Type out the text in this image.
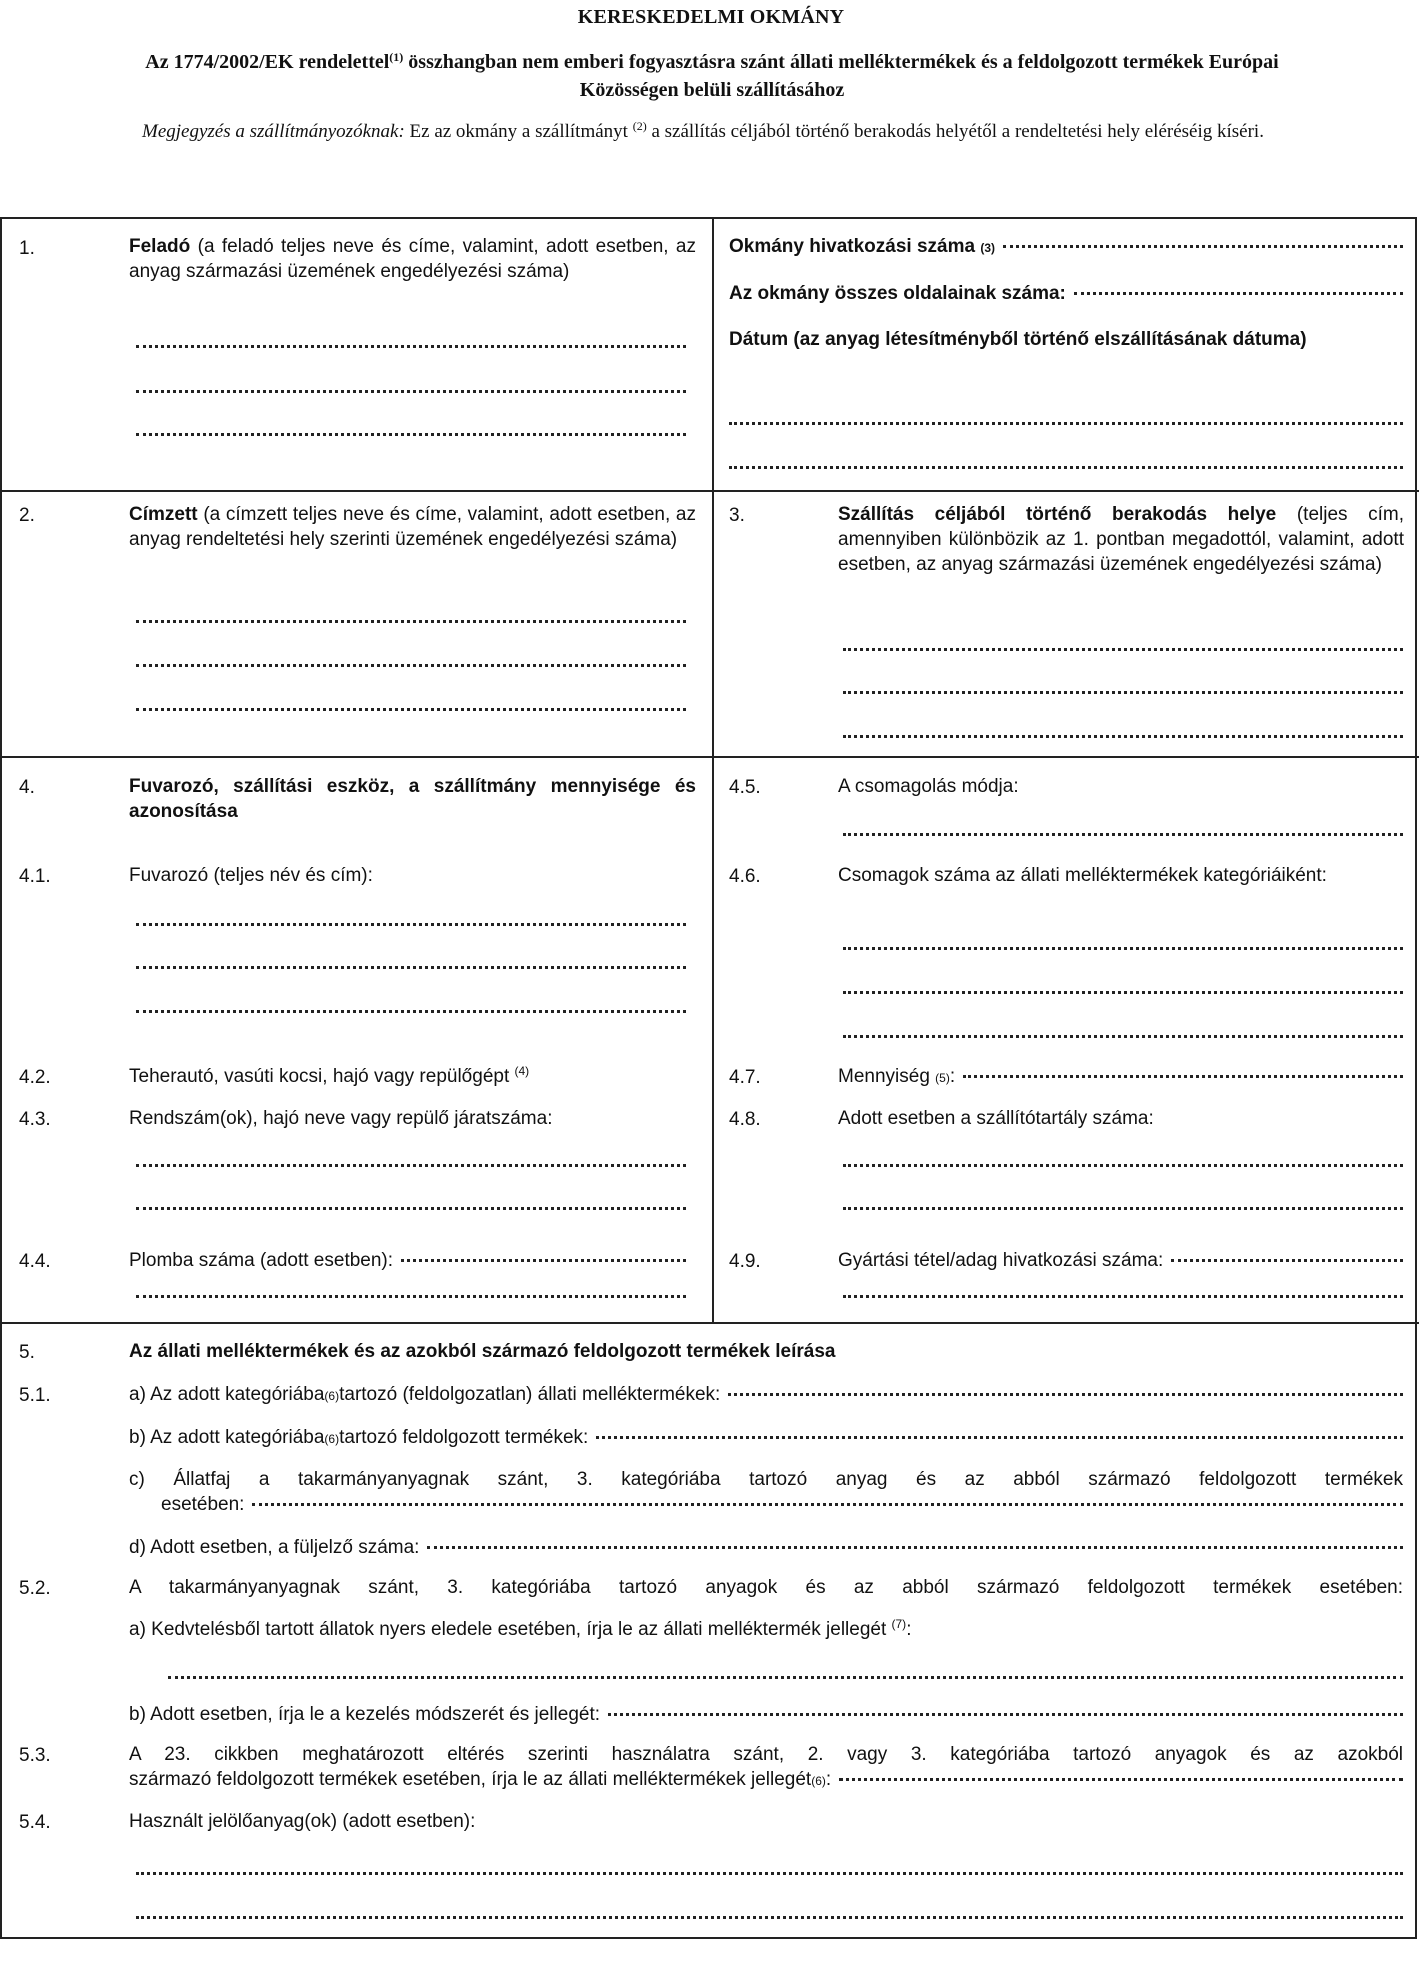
KERESKEDELMI OKMÁNY
Az 1774/2002/EK rendelettel$^{(1)}$ összhangban nem emberi fogyasztásra szánt állati melléktermékek és a feldolgozott termékek Európai Közösségen belüli szállításához
Megjegyzés a szállítmányozóknak: Ez az okmány a szállítmányt $^{(2)}$ a szállítás céljából történő berakodás helyétől a rendeltetési hely eléréséig kíséri.
1.	Feladó (a feladó teljes neve és címe, valamint, adott esetben, az anyag származási üzemének engedélyezési száma)
Okmány hivatkozási száma
(3)
Az okmány összes oldalainak száma:
Dátum (az anyag létesítményből történő elszállításának dátuma)
2.	Címzett (a címzett teljes neve és címe, valamint, adott esetben, az anyag rendeltetési hely szerinti üzemének engedélyezési száma)
3.	Szállítás céljából történő berakodás helye (teljes cím, amennyiben különbözik az 1. pontban megadottól, valamint, adott esetben, az anyag származási üzemének engedélyezési száma)
4.	Fuvarozó, szállítási eszköz, a szállítmány mennyisége és azonosítása
4.1.	Fuvarozó (teljes név és cím):
4.2.	Teherautó, vasúti kocsi, hajó vagy repülőgépt $^{(4)}$
4.3.	Rendszám(ok), hajó neve vagy repülő járatszáma:
4.4.	Plomba száma (adott esetben):
4.5.	A csomagolás módja:
4.6.	Csomagok száma az állati melléktermékek kategóriáiként:
4.7.	Mennyiség
(5) :
4.8.	Adott esetben a szállítótartály száma:
4.9.	Gyártási tétel/adag hivatkozási száma:
5.	Az állati melléktermékek és az azokból származó feldolgozott termékek leírása
5.1.	a) Az adott kategóriába (6) tartozó (feldolgozatlan) állati melléktermékek:
b) Az adott kategóriába (6) tartozó feldolgozott termékek:
c) Állatfaj a takarmányanyagnak szánt, 3. kategóriába tartozó anyag és az abból származó feldolgozott termékek
esetében:
d) Adott esetben, a füljelző száma:
5.2.	A takarmányanyagnak szánt, 3. kategóriába tartozó anyagok és az abból származó feldolgozott termékek esetében:
a) Kedvtelésből tartott állatok nyers eledele esetében, írja le az állati melléktermék jellegét $^{(7)}$:
b) Adott esetben, írja le a kezelés módszerét és jellegét:
5.3.	A 23. cikkben meghatározott eltérés szerinti használatra szánt, 2. vagy 3. kategóriába tartozó anyagok és az azokból
származó feldolgozott termékek esetében, írja le az állati melléktermékek jellegét (6) :
5.4.	Használt jelölőanyag(ok) (adott esetben):
